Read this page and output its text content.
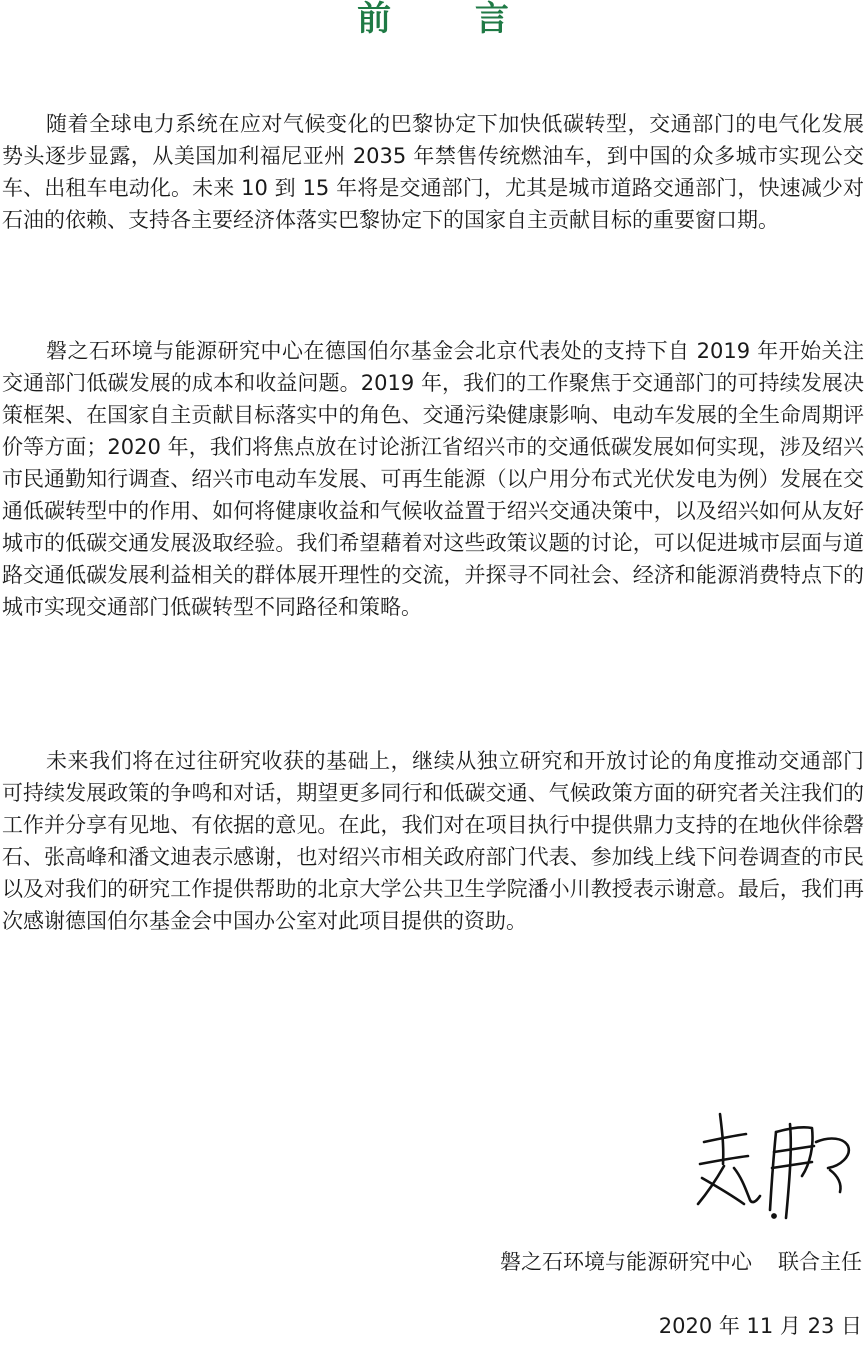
前 言

随着全球电力系统在应对气候变化的巴黎协定下加快低碳转型，交通部门的电气化发展势头逐步显露，从美国加利福尼亚州 2035 年禁售传统燃油车，到中国的众多城市实现公交车、出租车电动化。未来 10 到 15 年将是交通部门，尤其是城市道路交通部门，快速减少对石油的依赖、支持各主要经济体落实巴黎协定下的国家自主贡献目标的重要窗口期。

磐之石环境与能源研究中心在德国伯尔基金会北京代表处的支持下自 2019 年开始关注交通部门低碳发展的成本和收益问题。2019 年，我们的工作聚焦于交通部门的可持续发展决策框架、在国家自主贡献目标落实中的角色、交通污染健康影响、电动车发展的全生命周期评价等方面；2020 年，我们将焦点放在讨论浙江省绍兴市的交通低碳发展如何实现，涉及绍兴市民通勤知行调查、绍兴市电动车发展、可再生能源（以户用分布式光伏发电为例）发展在交通低碳转型中的作用、如何将健康收益和气候收益置于绍兴交通决策中，以及绍兴如何从友好城市的低碳交通发展汲取经验。我们希望藉着对这些政策议题的讨论，可以促进城市层面与道路交通低碳发展利益相关的群体展开理性的交流，并探寻不同社会、经济和能源消费特点下的城市实现交通部门低碳转型不同路径和策略。

未来我们将在过往研究收获的基础上，继续从独立研究和开放讨论的角度推动交通部门可持续发展政策的争鸣和对话，期望更多同行和低碳交通、气候政策方面的研究者关注我们的工作并分享有见地、有依据的意见。在此，我们对在项目执行中提供鼎力支持的在地伙伴徐磬石、张高峰和潘文迪表示感谢，也对绍兴市相关政府部门代表、参加线上线下问卷调查的市民以及对我们的研究工作提供帮助的北京大学公共卫生学院潘小川教授表示谢意。最后，我们再次感谢德国伯尔基金会中国办公室对此项目提供的资助。

磐之石环境与能源研究中心 联合主任
2020 年 11 月 23 日
